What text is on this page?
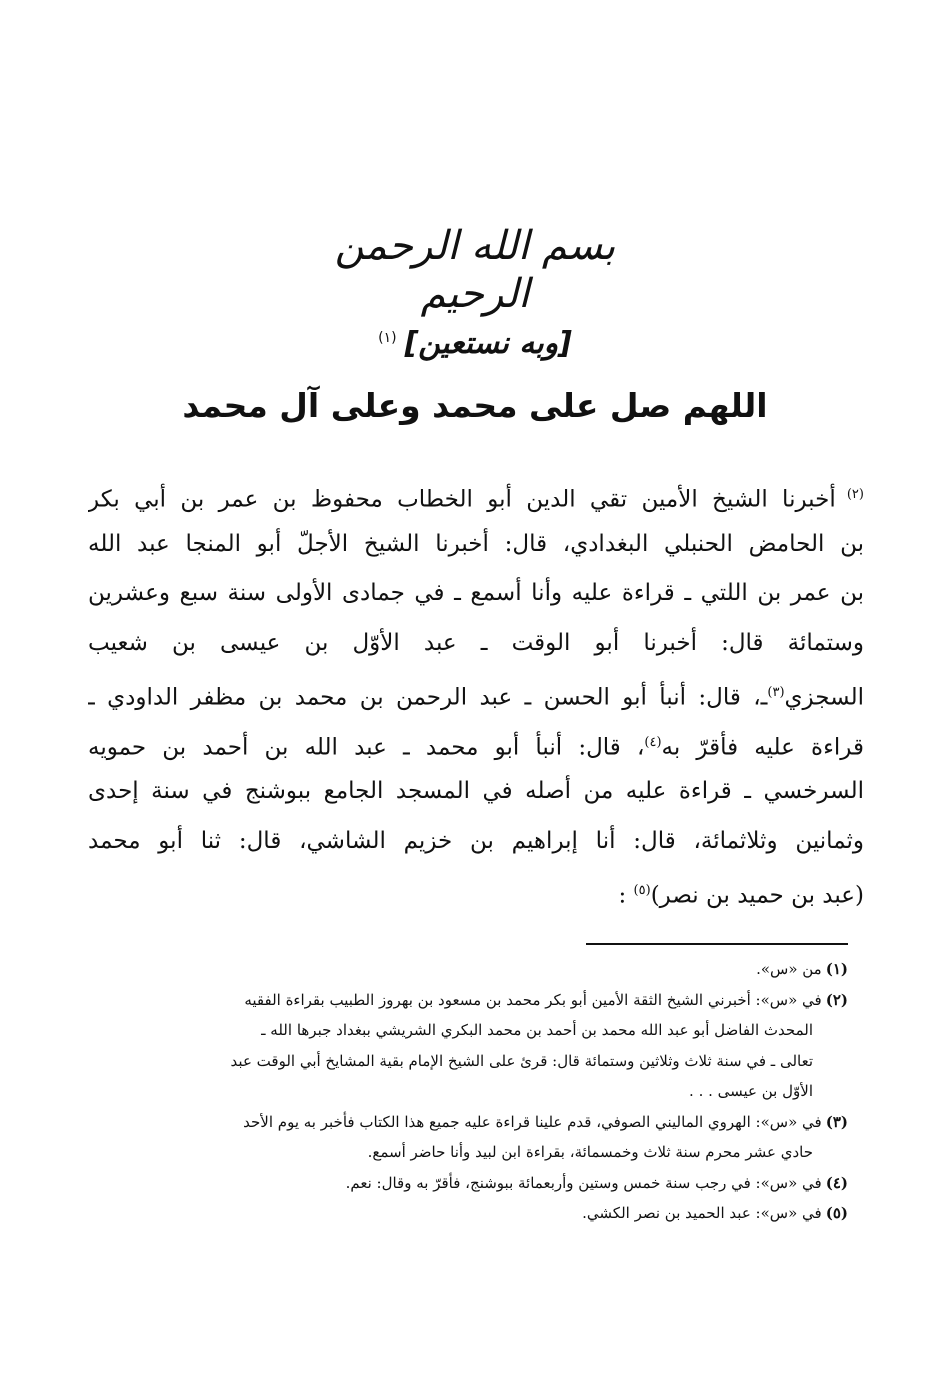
بسم الله الرحمن الرحيم
[وبه نستعين]$^{(١)}$
اللهم صل على محمد وعلى آل محمد
$^{(٢)}$ أخبرنا الشيخ الأمين تقي الدين أبو الخطاب محفوظ بن عمر بن أبي بكر
بن الحامض الحنبلي البغدادي، قال: أخبرنا الشيخ الأجلّ أبو المنجا عبد الله
بن عمر بن اللتي ـ قراءة عليه وأنا أسمع ـ في جمادى الأولى سنة سبع وعشرين
وستمائة قال: أخبرنا أبو الوقت ـ عبد الأوّل بن عيسى بن شعيب
السجزي$^{(٣)}$ـ، قال: أنبأ أبو الحسن ـ عبد الرحمن بن محمد بن مظفر الداودي ـ
قراءة عليه فأقرّ به$^{(٤)}$، قال: أنبأ أبو محمد ـ عبد الله بن أحمد بن حمويه
السرخسي ـ قراءة عليه من أصله في المسجد الجامع ببوشنج في سنة إحدى
وثمانين وثلاثمائة، قال: أنا إبراهيم بن خزيم الشاشي، قال: ثنا أبو محمد
(عبد بن حميد بن نصر)$^{(٥)}$ :
(١)من «س».
(٢)في «س»: أخبرني الشيخ الثقة الأمين أبو بكر محمد بن مسعود بن بهروز الطبيب بقراءة الفقيه
المحدث الفاضل أبو عبد الله محمد بن أحمد بن محمد البكري الشريشي ببغداد جبرها الله ـ
تعالى ـ في سنة ثلاث وثلاثين وستمائة قال: قرئ على الشيخ الإمام بقية المشايخ أبي الوقت عبد
الأوّل بن عيسى . . .
(٣)في «س»: الهروي الماليني الصوفي، قدم علينا قراءة عليه جميع هذا الكتاب فأخبر به يوم الأحد
حادي عشر محرم سنة ثلاث وخمسمائة، بقراءة ابن لبيد وأنا حاضر أسمع.
(٤)في «س»: في رجب سنة خمس وستين وأربعمائة ببوشنج، فأقرّ به وقال: نعم.
(٥)في «س»: عبد الحميد بن نصر الكشي.
